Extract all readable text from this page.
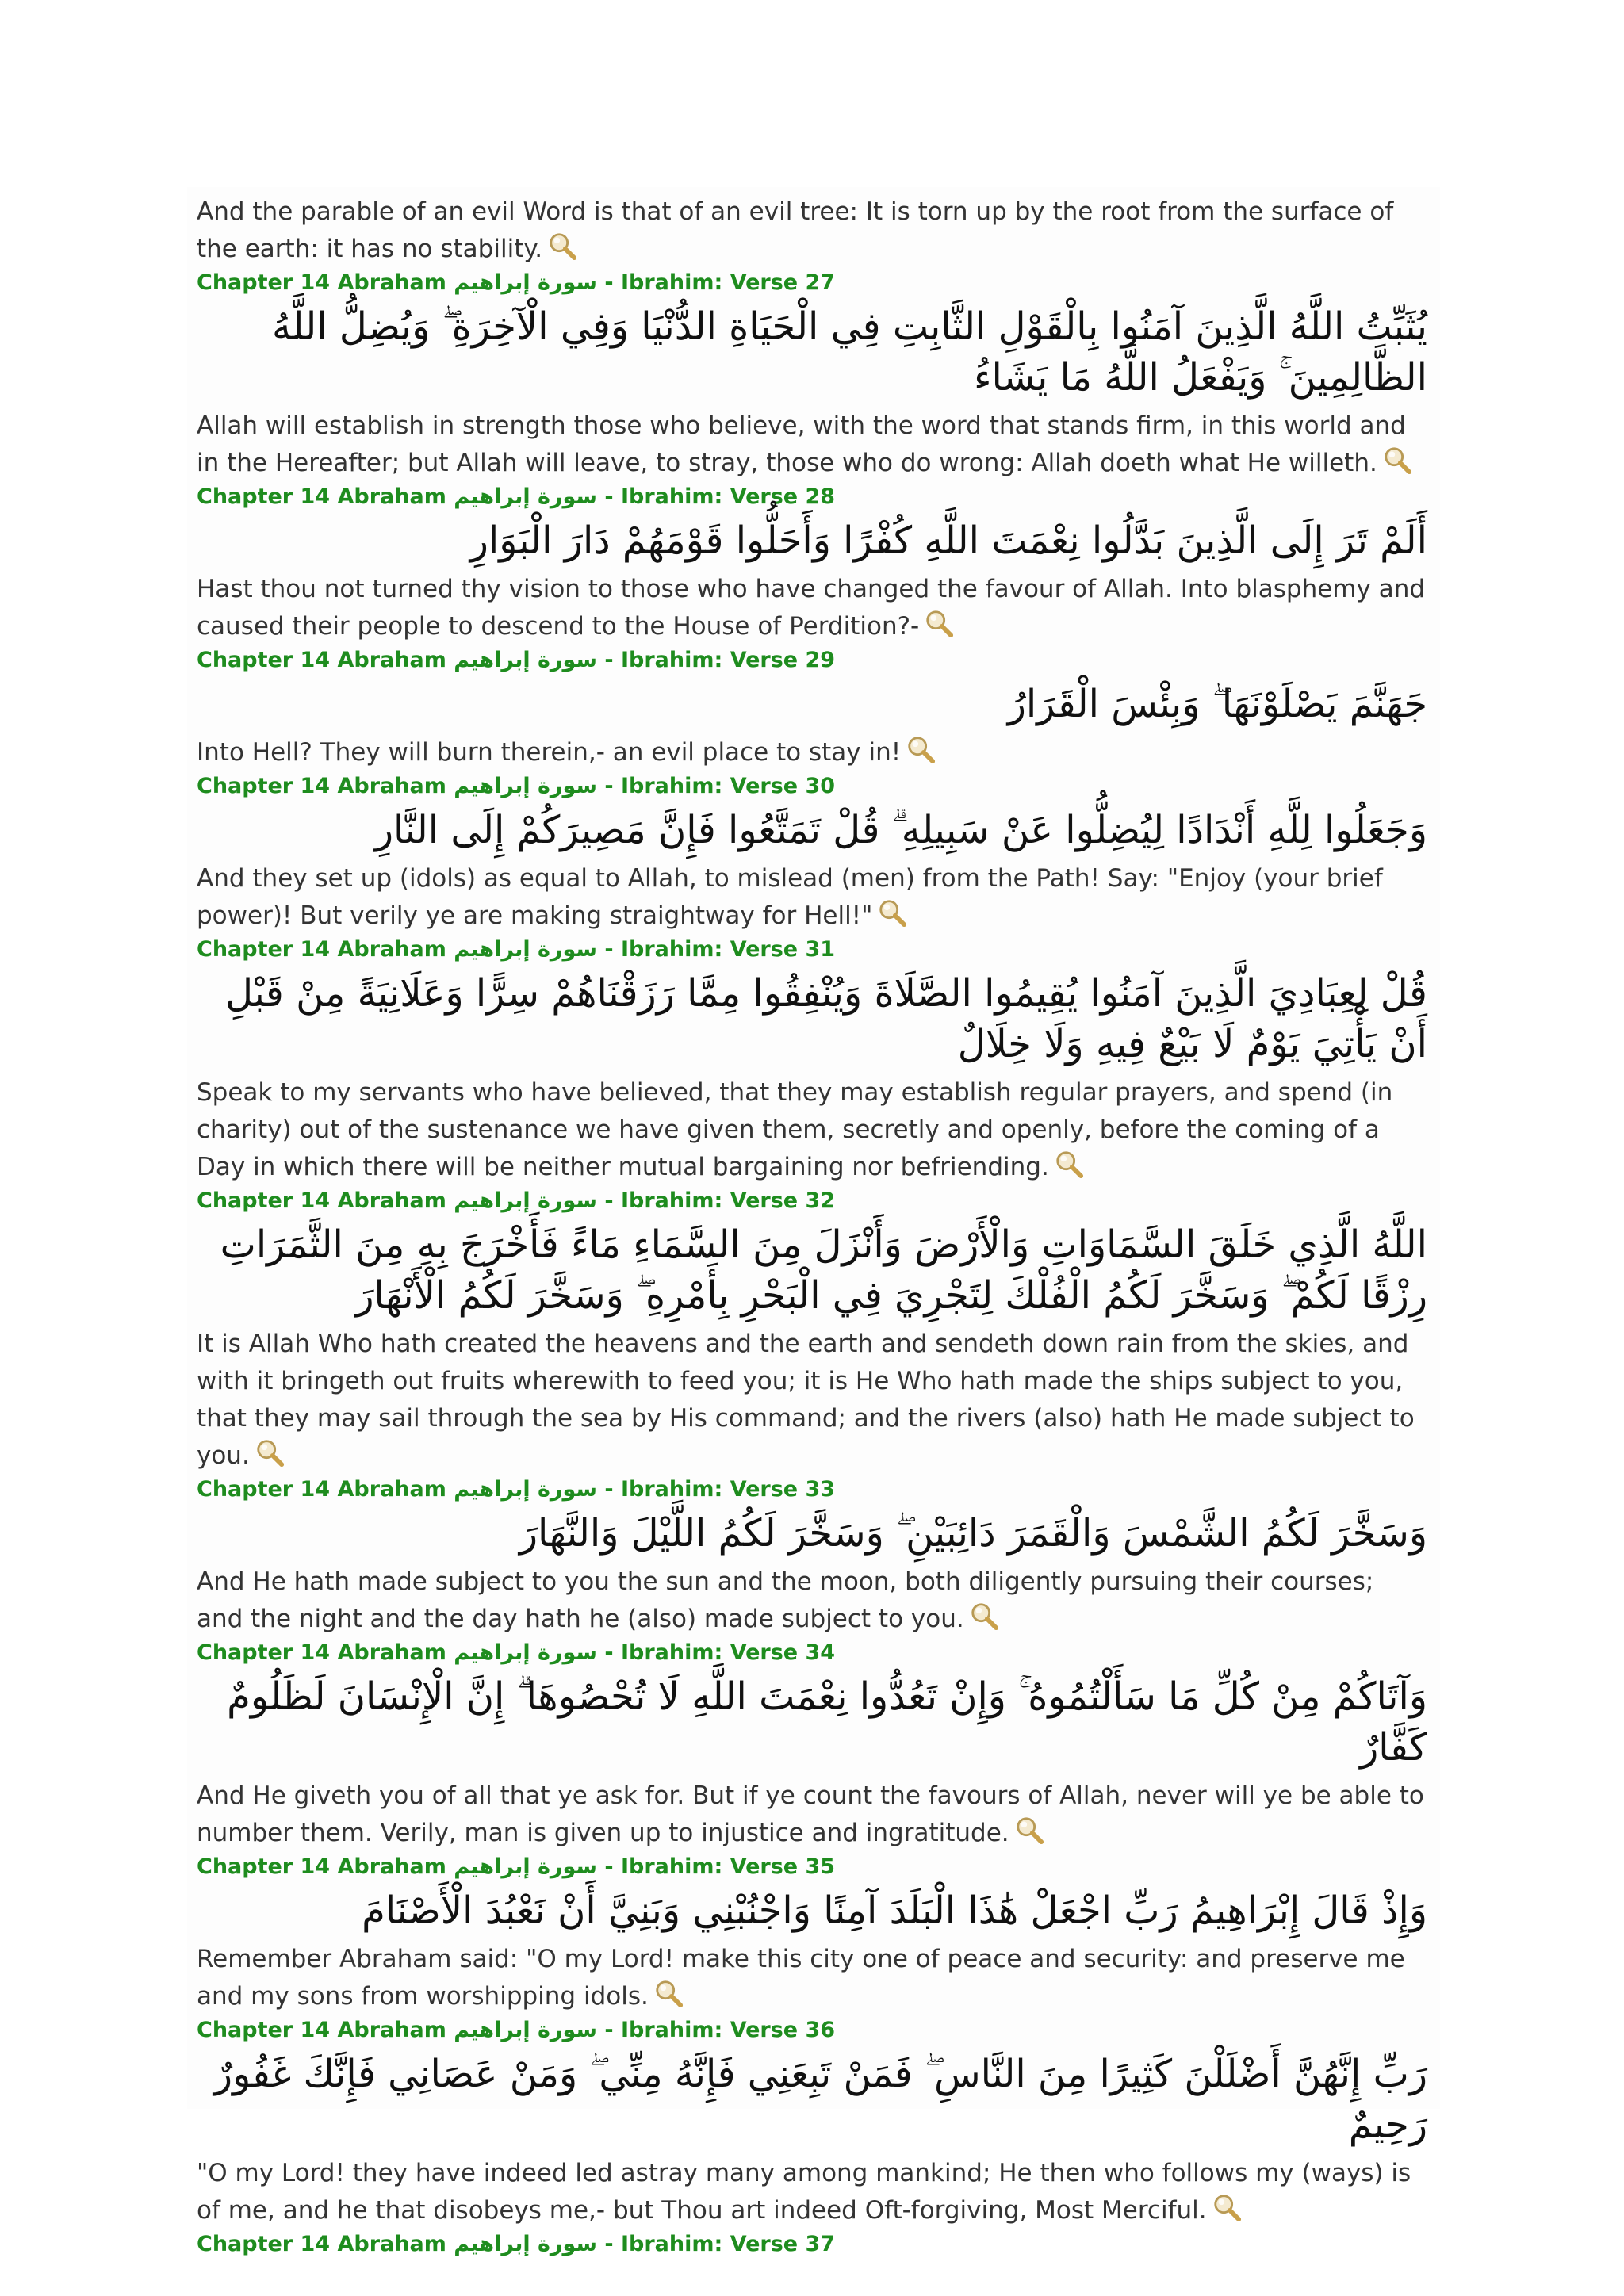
And the parable of an evil Word is that of an evil tree: It is torn up by the root from the surface of the earth: it has no stability.
Chapter 14 Abraham سورة إبراهيم - Ibrahim: Verse 27
يُثَبِّتُ اللَّهُ الَّذِينَ آمَنُوا بِالْقَوْلِ الثَّابِتِ فِي الْحَيَاةِ الدُّنْيَا وَفِي الْآخِرَةِ ۖ وَيُضِلُّ اللَّهُ الظَّالِمِينَ ۚ وَيَفْعَلُ اللَّهُ مَا يَشَاءُ
Allah will establish in strength those who believe, with the word that stands firm, in this world and in the Hereafter; but Allah will leave, to stray, those who do wrong: Allah doeth what He willeth.
Chapter 14 Abraham سورة إبراهيم - Ibrahim: Verse 28
أَلَمْ تَرَ إِلَى الَّذِينَ بَدَّلُوا نِعْمَتَ اللَّهِ كُفْرًا وَأَحَلُّوا قَوْمَهُمْ دَارَ الْبَوَارِ
Hast thou not turned thy vision to those who have changed the favour of Allah. Into blasphemy and caused their people to descend to the House of Perdition?-
Chapter 14 Abraham سورة إبراهيم - Ibrahim: Verse 29
جَهَنَّمَ يَصْلَوْنَهَا ۖ وَبِئْسَ الْقَرَارُ
Into Hell? They will burn therein,- an evil place to stay in!
Chapter 14 Abraham سورة إبراهيم - Ibrahim: Verse 30
وَجَعَلُوا لِلَّهِ أَنْدَادًا لِيُضِلُّوا عَنْ سَبِيلِهِ ۗ قُلْ تَمَتَّعُوا فَإِنَّ مَصِيرَكُمْ إِلَى النَّارِ
And they set up (idols) as equal to Allah, to mislead (men) from the Path! Say: "Enjoy (your brief power)! But verily ye are making straightway for Hell!"
Chapter 14 Abraham سورة إبراهيم - Ibrahim: Verse 31
قُلْ لِعِبَادِيَ الَّذِينَ آمَنُوا يُقِيمُوا الصَّلَاةَ وَيُنْفِقُوا مِمَّا رَزَقْنَاهُمْ سِرًّا وَعَلَانِيَةً مِنْ قَبْلِ أَنْ يَأْتِيَ يَوْمٌ لَا بَيْعٌ فِيهِ وَلَا خِلَالٌ
Speak to my servants who have believed, that they may establish regular prayers, and spend (in charity) out of the sustenance we have given them, secretly and openly, before the coming of a Day in which there will be neither mutual bargaining nor befriending.
Chapter 14 Abraham سورة إبراهيم - Ibrahim: Verse 32
اللَّهُ الَّذِي خَلَقَ السَّمَاوَاتِ وَالْأَرْضَ وَأَنْزَلَ مِنَ السَّمَاءِ مَاءً فَأَخْرَجَ بِهِ مِنَ الثَّمَرَاتِ رِزْقًا لَكُمْ ۖ وَسَخَّرَ لَكُمُ الْفُلْكَ لِتَجْرِيَ فِي الْبَحْرِ بِأَمْرِهِ ۖ وَسَخَّرَ لَكُمُ الْأَنْهَارَ
It is Allah Who hath created the heavens and the earth and sendeth down rain from the skies, and with it bringeth out fruits wherewith to feed you; it is He Who hath made the ships subject to you, that they may sail through the sea by His command; and the rivers (also) hath He made subject to you.
Chapter 14 Abraham سورة إبراهيم - Ibrahim: Verse 33
وَسَخَّرَ لَكُمُ الشَّمْسَ وَالْقَمَرَ دَائِبَيْنِ ۖ وَسَخَّرَ لَكُمُ اللَّيْلَ وَالنَّهَارَ
And He hath made subject to you the sun and the moon, both diligently pursuing their courses; and the night and the day hath he (also) made subject to you.
Chapter 14 Abraham سورة إبراهيم - Ibrahim: Verse 34
وَآتَاكُمْ مِنْ كُلِّ مَا سَأَلْتُمُوهُ ۚ وَإِنْ تَعُدُّوا نِعْمَتَ اللَّهِ لَا تُحْصُوهَا ۗ إِنَّ الْإِنْسَانَ لَظَلُومٌ كَفَّارٌ
And He giveth you of all that ye ask for. But if ye count the favours of Allah, never will ye be able to number them. Verily, man is given up to injustice and ingratitude.
Chapter 14 Abraham سورة إبراهيم - Ibrahim: Verse 35
وَإِذْ قَالَ إِبْرَاهِيمُ رَبِّ اجْعَلْ هَٰذَا الْبَلَدَ آمِنًا وَاجْنُبْنِي وَبَنِيَّ أَنْ نَعْبُدَ الْأَصْنَامَ
Remember Abraham said: "O my Lord! make this city one of peace and security: and preserve me and my sons from worshipping idols.
Chapter 14 Abraham سورة إبراهيم - Ibrahim: Verse 36
رَبِّ إِنَّهُنَّ أَضْلَلْنَ كَثِيرًا مِنَ النَّاسِ ۖ فَمَنْ تَبِعَنِي فَإِنَّهُ مِنِّي ۖ وَمَنْ عَصَانِي فَإِنَّكَ غَفُورٌ رَحِيمٌ
"O my Lord! they have indeed led astray many among mankind; He then who follows my (ways) is of me, and he that disobeys me,- but Thou art indeed Oft-forgiving, Most Merciful.
Chapter 14 Abraham سورة إبراهيم - Ibrahim: Verse 37
